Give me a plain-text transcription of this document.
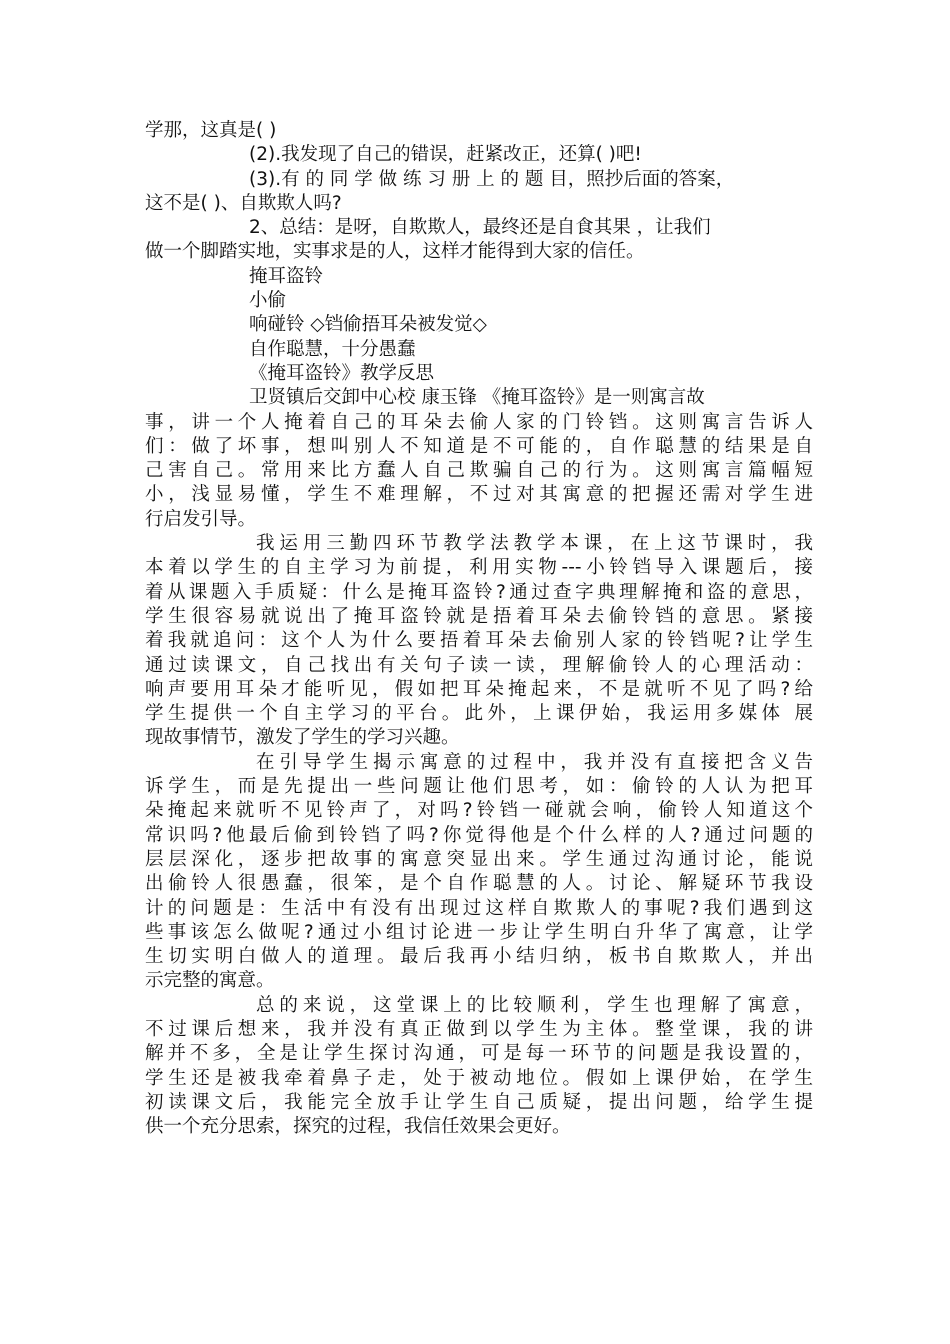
学那，这真是( )
(2).我发现了自己的错误，赶紧改正，还算( )吧!
(3).有 的 同 学 做 练 习 册 上 的 题 目，照抄后面的答案，
这不是( )、自欺欺人吗?
2、总结：是呀，自欺欺人，最终还是自食其果 ，让我们
做一个脚踏实地，实事求是的人，这样才能得到大家的信任。
掩耳盗铃
小偷
响碰铃 ◇铛偷捂耳朵被发觉◇
自作聪慧，十分愚蠢
《掩耳盗铃》教学反思
卫贤镇后交卸中心校 康玉锋 《掩耳盗铃》是一则寓言故
事，讲一个人掩着自己的耳朵去偷人家的门铃铛。这则寓言告诉人
们：做了坏事，想叫别人不知道是不可能的，自作聪慧的结果是自
己害自己。常用来比方蠢人自己欺骗自己的行为。这则寓言篇幅短
小，浅显易懂，学生不难理解，不过对其寓意的把握还需对学生进
行启发引导。
我运用三勤四环节教学法教学本课，在上这节课时，我
本着以学生的自主学习为前提，利用实物---小铃铛导入课题后，接
着从课题入手质疑：什么是掩耳盗铃?通过查字典理解掩和盗的意思，
学生很容易就说出了掩耳盗铃就是捂着耳朵去偷铃铛的意思。紧接
着我就追问：这个人为什么要捂着耳朵去偷别人家的铃铛呢?让学生
通过读课文，自己找出有关句子读一读，理解偷铃人的心理活动：
响声要用耳朵才能听见，假如把耳朵掩起来，不是就听不见了吗?给
学生提供一个自主学习的平台。此外，上课伊始，我运用多媒体 展
现故事情节，激发了学生的学习兴趣。
在引导学生揭示寓意的过程中，我并没有直接把含义告
诉学生，而是先提出一些问题让他们思考，如：偷铃的人认为把耳
朵掩起来就听不见铃声了，对吗?铃铛一碰就会响，偷铃人知道这个
常识吗?他最后偷到铃铛了吗?你觉得他是个什么样的人?通过问题的
层层深化，逐步把故事的寓意突显出来。学生通过沟通讨论，能说
出偷铃人很愚蠢，很笨，是个自作聪慧的人。讨论、解疑环节我设
计的问题是：生活中有没有出现过这样自欺欺人的事呢?我们遇到这
些事该怎么做呢?通过小组讨论进一步让学生明白升华了寓意，让学
生切实明白做人的道理。最后我再小结归纳，板书自欺欺人，并出
示完整的寓意。
总的来说，这堂课上的比较顺利，学生也理解了寓意，
不过课后想来，我并没有真正做到以学生为主体。整堂课，我的讲
解并不多，全是让学生探讨沟通，可是每一环节的问题是我设置的，
学生还是被我牵着鼻子走，处于被动地位。假如上课伊始，在学生
初读课文后，我能完全放手让学生自己质疑，提出问题，给学生提
供一个充分思索，探究的过程，我信任效果会更好。
